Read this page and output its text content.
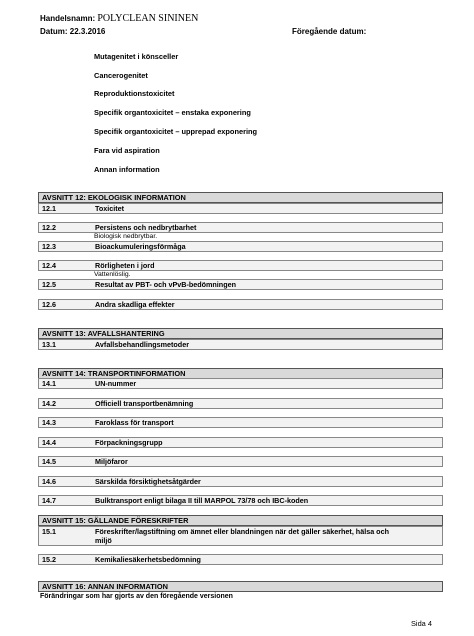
Handelsnamn: POLYCLEAN SININEN
Datum: 22.3.2016	Föregående datum:
Mutagenitet i könsceller
Cancerogenitet
Reproduktionstoxicitet
Specifik organtoxicitet – enstaka exponering
Specifik organtoxicitet – upprepad exponering
Fara vid aspiration
Annan information
AVSNITT 12: EKOLOGISK INFORMATION
12.1	Toxicitet
12.2	Persistens och nedbrytbarhet
Biologisk nedbrytbar.
12.3	Bioackumuleringsförmåga
12.4	Rörligheten i jord
Vattenlöslig.
12.5	Resultat av PBT- och vPvB-bedömningen
12.6	Andra skadliga effekter
AVSNITT 13: AVFALLSHANTERING
13.1	Avfallsbehandlingsmetoder
AVSNITT 14: TRANSPORTINFORMATION
14.1	UN-nummer
14.2	Officiell transportbenämning
14.3	Faroklass för transport
14.4	Förpackningsgrupp
14.5	Miljöfaror
14.6	Särskilda försiktighetsåtgärder
14.7	Bulktransport enligt bilaga II till MARPOL 73/78 och IBC-koden
AVSNITT 15: GÄLLANDE FÖRESKRIFTER
15.1	Föreskrifter/lagstiftning om ämnet eller blandningen när det gäller säkerhet, hälsa och
miljö
15.2	Kemikaliesäkerhetsbedömning
AVSNITT 16: ANNAN INFORMATION
Förändringar som har gjorts av den föregående versionen
Sida 4
